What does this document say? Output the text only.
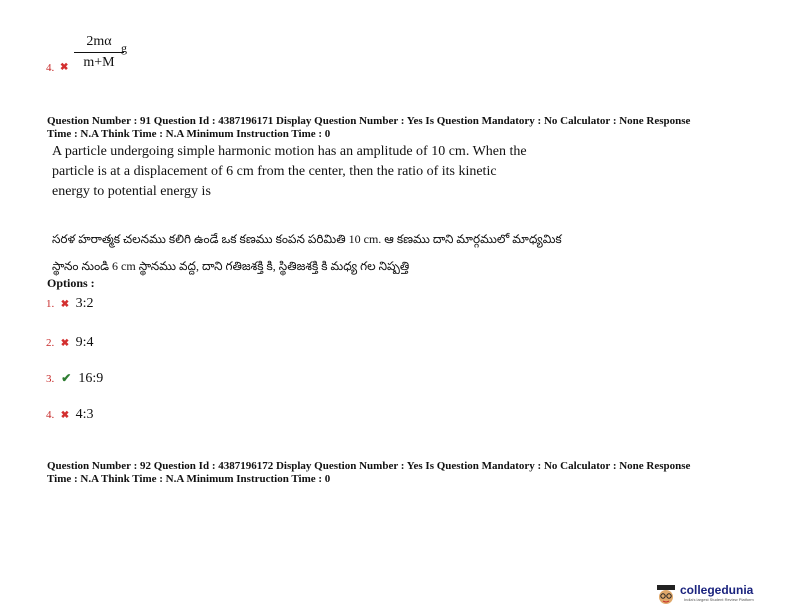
4. ✖ $\frac{2m\alpha}{m+M}$
g
Question Number : 91 Question Id : 4387196171 Display Question Number : Yes Is Question Mandatory : No Calculator : None Response
Time : N.A Think Time : N.A Minimum Instruction Time : 0
A particle undergoing simple harmonic motion has an amplitude of 10 cm. When the
particle is at a displacement of 6 cm from the center, then the ratio of its kinetic
energy to potential energy is
సరళ హరాత్మక చలనము కలిగి ఉండే ఒక కణము కంపన పరిమితి 10 cm. ఆ కణము దాని మార్గములో మాధ్యమిక
స్థానం నుండి 6 cm స్థానము వద్ద, దాని గతిజశక్తి కి, స్థితిజశక్తి కి మధ్య గల నిష్పత్తి
Options :
1.  ✖  3:2
2.  ✖  9:4
3.  ✔  16:9
4.  ✖  4:3
Question Number : 92 Question Id : 4387196172 Display Question Number : Yes Is Question Mandatory : No Calculator : None Response
Time : N.A Think Time : N.A Minimum Instruction Time : 0
collegedunia
India's largest Student Review Platform
